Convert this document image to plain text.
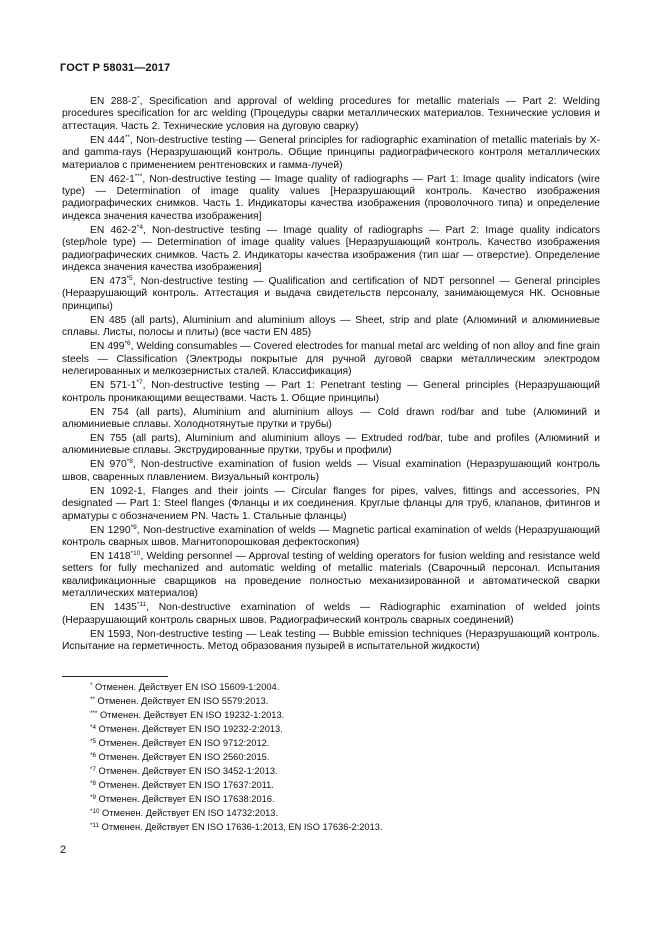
ГОСТ Р 58031—2017

EN 288-2*, Specification and approval of welding procedures for metallic materials — Part 2: Welding procedures specification for arc welding (Процедуры сварки металлических материалов. Технические условия и аттестация. Часть 2. Технические условия на дуговую сварку)

EN 444**, Non-destructive testing — General principles for radiographic examination of metallic materials by X- and gamma-rays (Неразрушающий контроль. Общие принципы радиографического контроля металлических материалов с применением рентгеновских и гамма-лучей)

EN 462-1***, Non-destructive testing — Image quality of radiographs — Part 1: Image quality indicators (wire type) — Determination of image quality values [Неразрушающий контроль. Качество изображения радиографических снимков. Часть 1. Индикаторы качества изображения (проволочного типа) и определение индекса значения качества изображения]

EN 462-2$^{*4}$, Non-destructive testing — Image quality of radiographs — Part 2: Image quality indicators (step/hole type) — Determination of image quality values [Неразрушающий контроль. Качество изображения радиографических снимков. Часть 2. Индикаторы качества изображения (тип шаг — отверстие). Определение индекса значения качества изображения]

EN 473$^{*5}$, Non-destructive testing — Qualification and certification of NDT personnel — General principles (Неразрушающий контроль. Аттестация и выдача свидетельств персоналу, занимающемуся НК. Основные принципы)

EN 485 (all parts), Aluminium and aluminium alloys — Sheet, strip and plate (Алюминий и алюминиевые сплавы. Листы, полосы и плиты) (все части EN 485)

EN 499$^{*6}$, Welding consumables — Covered electrodes for manual metal arc welding of non alloy and fine grain steels — Classification (Электроды покрытые для ручной дуговой сварки металлическим электродом нелегированных и мелкозернистых сталей. Классификация)

EN 571-1$^{*7}$, Non-destructive testing — Part 1: Penetrant testing — General principles (Неразрушающий контроль проникающими веществами. Часть 1. Общие принципы)

EN 754 (all parts), Aluminium and aluminium alloys — Cold drawn rod/bar and tube (Алюминий и алюминиевые сплавы. Холоднотянутые прутки и трубы)

EN 755 (all parts), Aluminium and aluminium alloys — Extruded rod/bar, tube and profiles (Алюминий и алюминиевые сплавы. Экструдированные прутки, трубы и профили)

EN 970$^{*8}$, Non-destructive examination of fusion welds — Visual examination (Неразрушающий контроль швов, сваренных плавлением. Визуальный контроль)

EN 1092-1, Flanges and their joints — Circular flanges for pipes, valves, fittings and accessories, PN designated — Part 1: Steel flanges (Фланцы и их соединения. Круглые фланцы для труб, клапанов, фитингов и арматуры с обозначением PN. Часть 1. Стальные фланцы)

EN 1290$^{*9}$, Non-destructive examination of welds — Magnetic partical examination of welds (Неразрушающий контроль сварных швов. Магнитопорошковая дефектоскопия)

EN 1418$^{*10}$, Welding personnel — Approval testing of welding operators for fusion welding and resistance weld setters for fully mechanized and automatic welding of metallic materials (Сварочный персонал. Испытания квалификационные сварщиков на проведение полностью механизированной и автоматической сварки металлических материалов)

EN 1435$^{*11}$, Non-destructive examination of welds — Radiographic examination of welded joints (Неразрушающий контроль сварных швов. Радиографический контроль сварных соединений)

EN 1593, Non-destructive testing — Leak testing — Bubble emission techniques (Неразрушающий контроль. Испытание на герметичность. Метод образования пузырей в испытательной жидкости)

* Отменен. Действует EN ISO 15609-1:2004.
** Отменен. Действует EN ISO 5579:2013.
*** Отменен. Действует EN ISO 19232-1:2013.
$^{*4}$ Отменен. Действует EN ISO 19232-2:2013.
$^{*5}$ Отменен. Действует EN ISO 9712:2012.
$^{*6}$ Отменен. Действует EN ISO 2560:2015.
$^{*7}$ Отменен. Действует EN ISO 3452-1:2013.
$^{*8}$ Отменен. Действует EN ISO 17637:2011.
$^{*9}$ Отменен. Действует EN ISO 17638:2016.
$^{*10}$ Отменен. Действует EN ISO 14732:2013.
$^{*11}$ Отменен. Действует EN ISO 17636-1:2013, EN ISO 17636-2:2013.
2
